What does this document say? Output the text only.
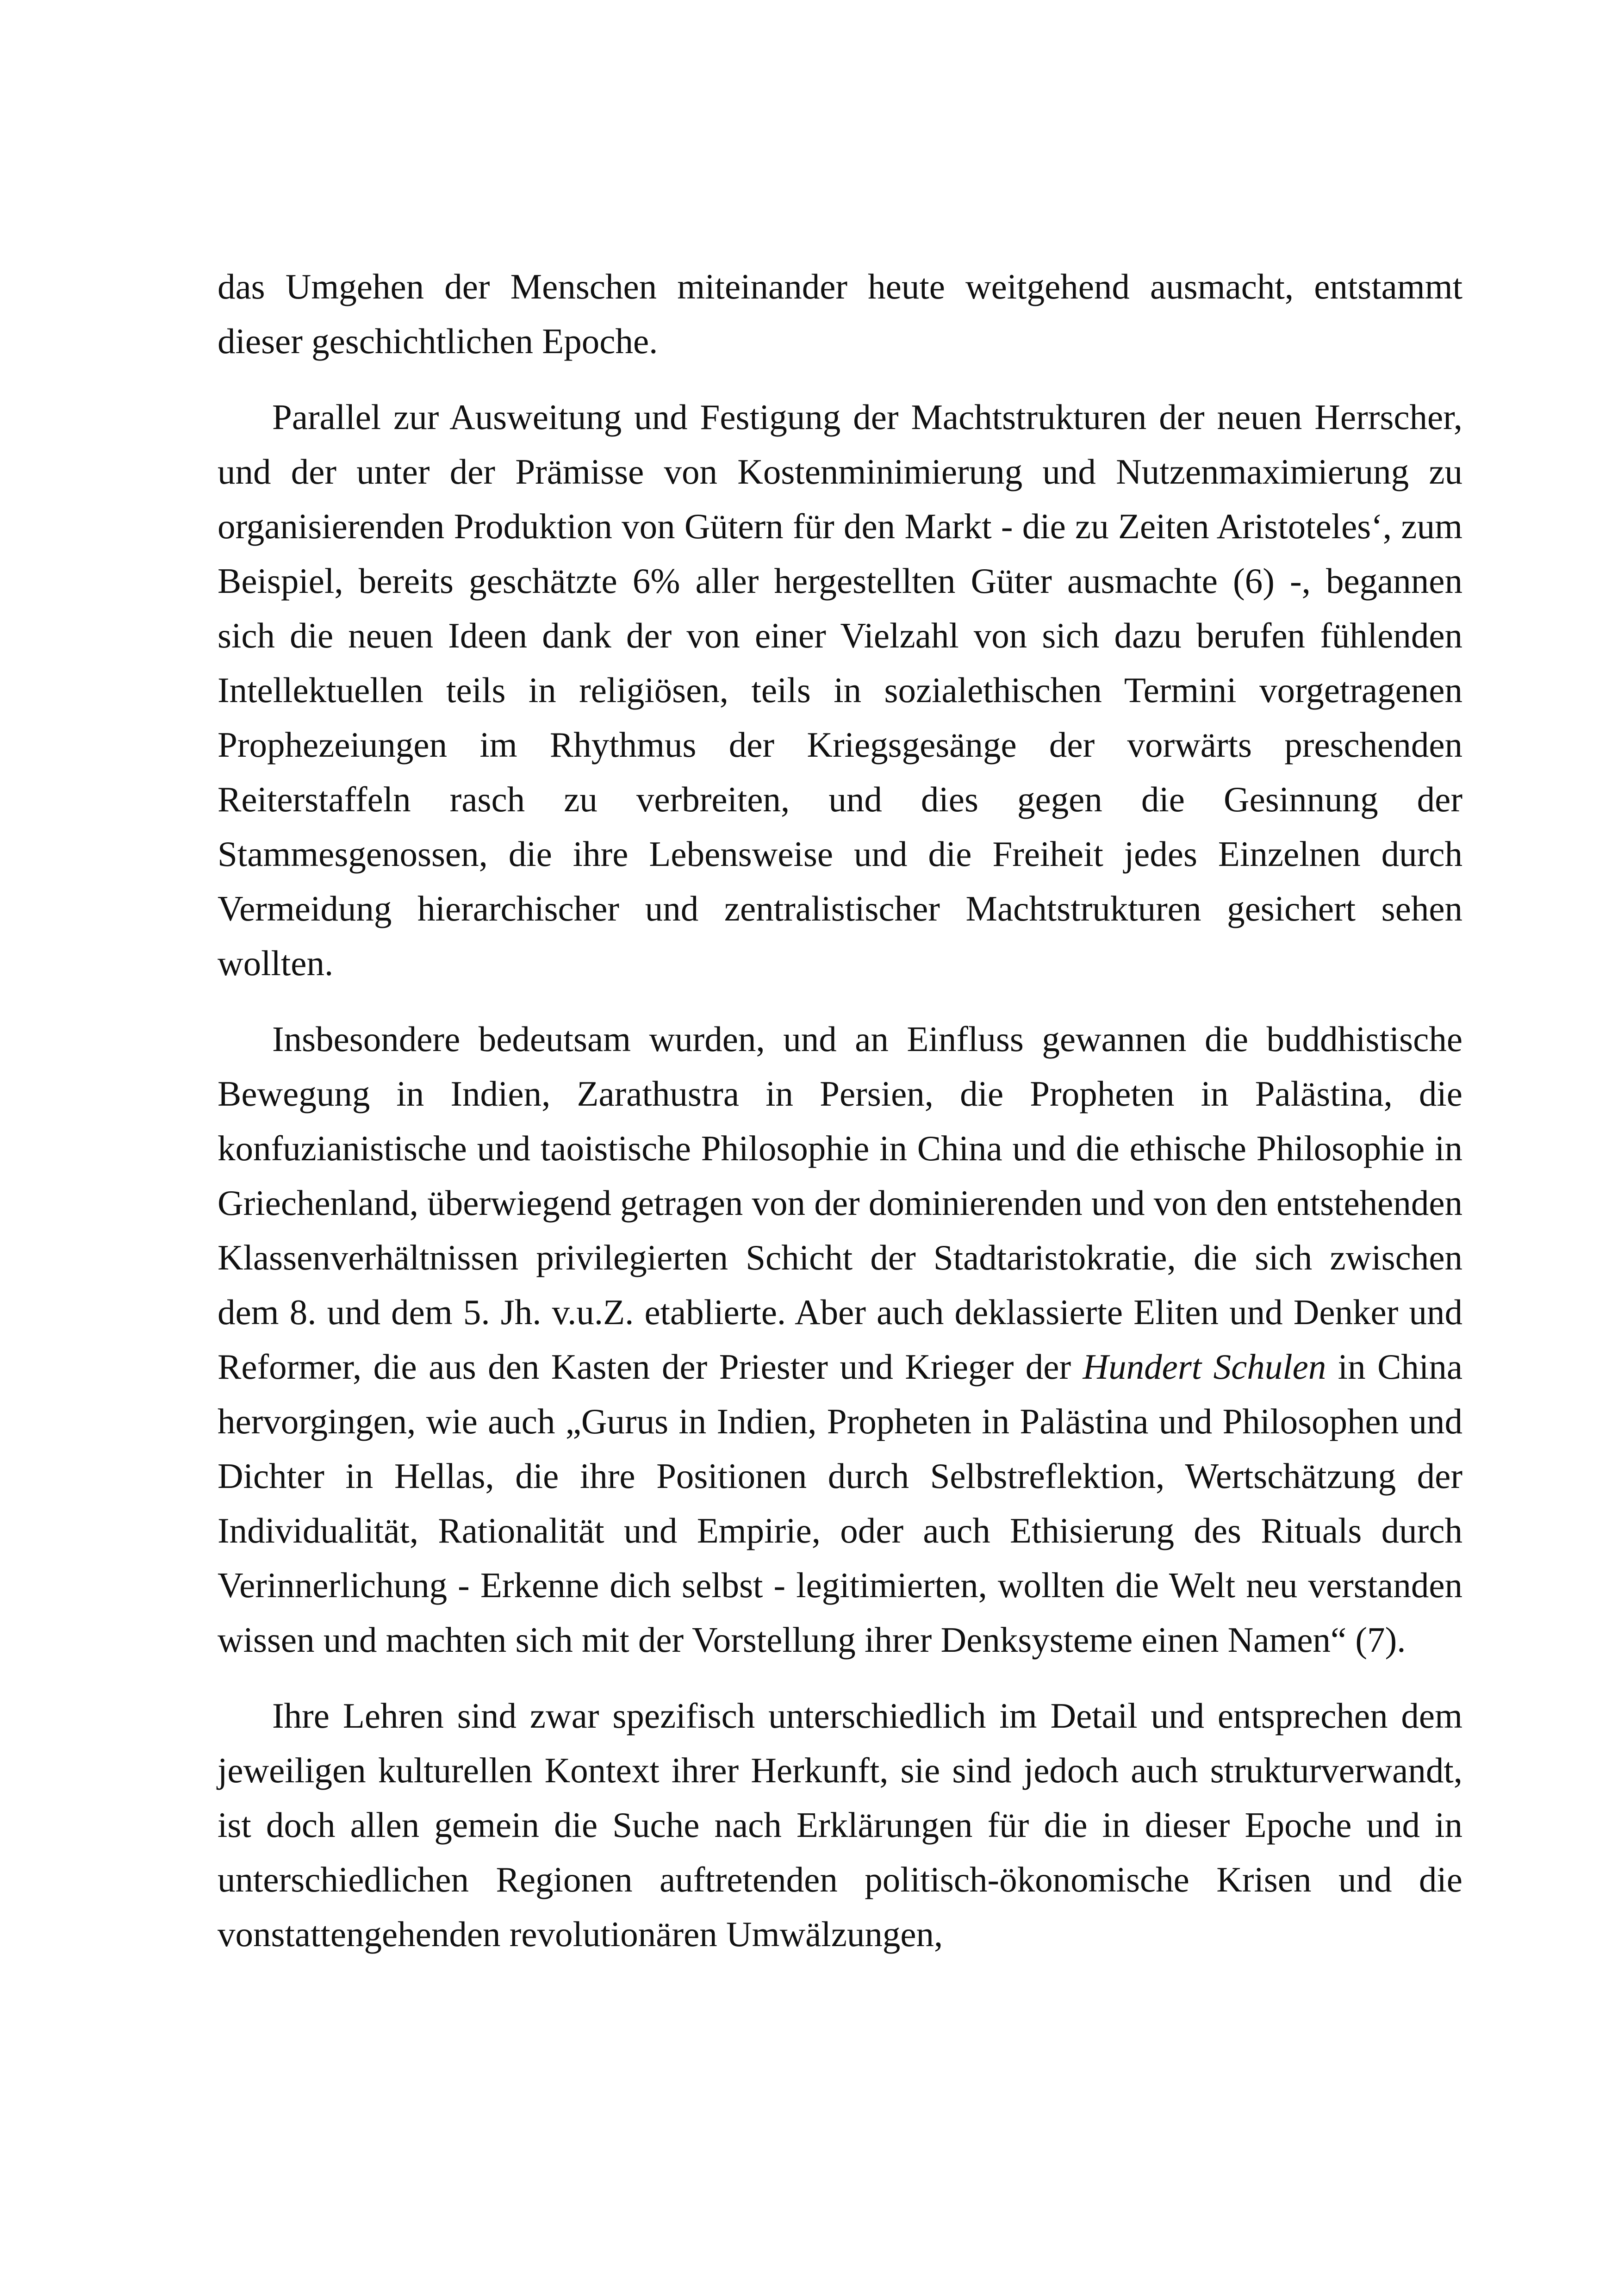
das Umgehen der Menschen miteinander heute weitgehend ausmacht, entstammt dieser geschichtlichen Epoche.

Parallel zur Ausweitung und Festigung der Machtstrukturen der neuen Herrscher, und der unter der Prämisse von Kostenminimierung und Nutzenmaximierung zu organisierenden Produktion von Gütern für den Markt - die zu Zeiten Aristoteles‘, zum Beispiel, bereits geschätzte 6% aller hergestellten Güter ausmachte (6) -, begannen sich die neuen Ideen dank der von einer Vielzahl von sich dazu berufen fühlenden Intellektuellen teils in religiösen, teils in sozialethischen Termini vorgetragenen Prophezeiungen im Rhythmus der Kriegsgesänge der vorwärts preschenden Reiterstaffeln rasch zu verbreiten, und dies gegen die Gesinnung der Stammesgenossen, die ihre Lebensweise und die Freiheit jedes Einzelnen durch Vermeidung hierarchischer und zentralistischer Machtstrukturen gesichert sehen wollten.

Insbesondere bedeutsam wurden, und an Einfluss gewannen die buddhistische Bewegung in Indien, Zarathustra in Persien, die Propheten in Palästina, die konfuzianistische und taoistische Philosophie in China und die ethische Philosophie in Griechenland, überwiegend getragen von der dominierenden und von den entstehenden Klassenverhältnissen privilegierten Schicht der Stadtaristokratie, die sich zwischen dem 8. und dem 5. Jh. v.u.Z. etablierte. Aber auch deklassierte Eliten und Denker und Reformer, die aus den Kasten der Priester und Krieger der Hundert Schulen in China hervorgingen, wie auch „Gurus in Indien, Propheten in Palästina und Philosophen und Dichter in Hellas, die ihre Positionen durch Selbstreflektion, Wertschätzung der Individualität, Rationalität und Empirie, oder auch Ethisierung des Rituals durch Verinnerlichung - Erkenne dich selbst - legitimierten, wollten die Welt neu verstanden wissen und machten sich mit der Vorstellung ihrer Denksysteme einen Namen“ (7).

Ihre Lehren sind zwar spezifisch unterschiedlich im Detail und entsprechen dem jeweiligen kulturellen Kontext ihrer Herkunft, sie sind jedoch auch strukturverwandt, ist doch allen gemein die Suche nach Erklärungen für die in dieser Epoche und in unterschiedlichen Regionen auftretenden politisch-ökonomische Krisen und die vonstattengehenden revolutionären Umwälzungen,
